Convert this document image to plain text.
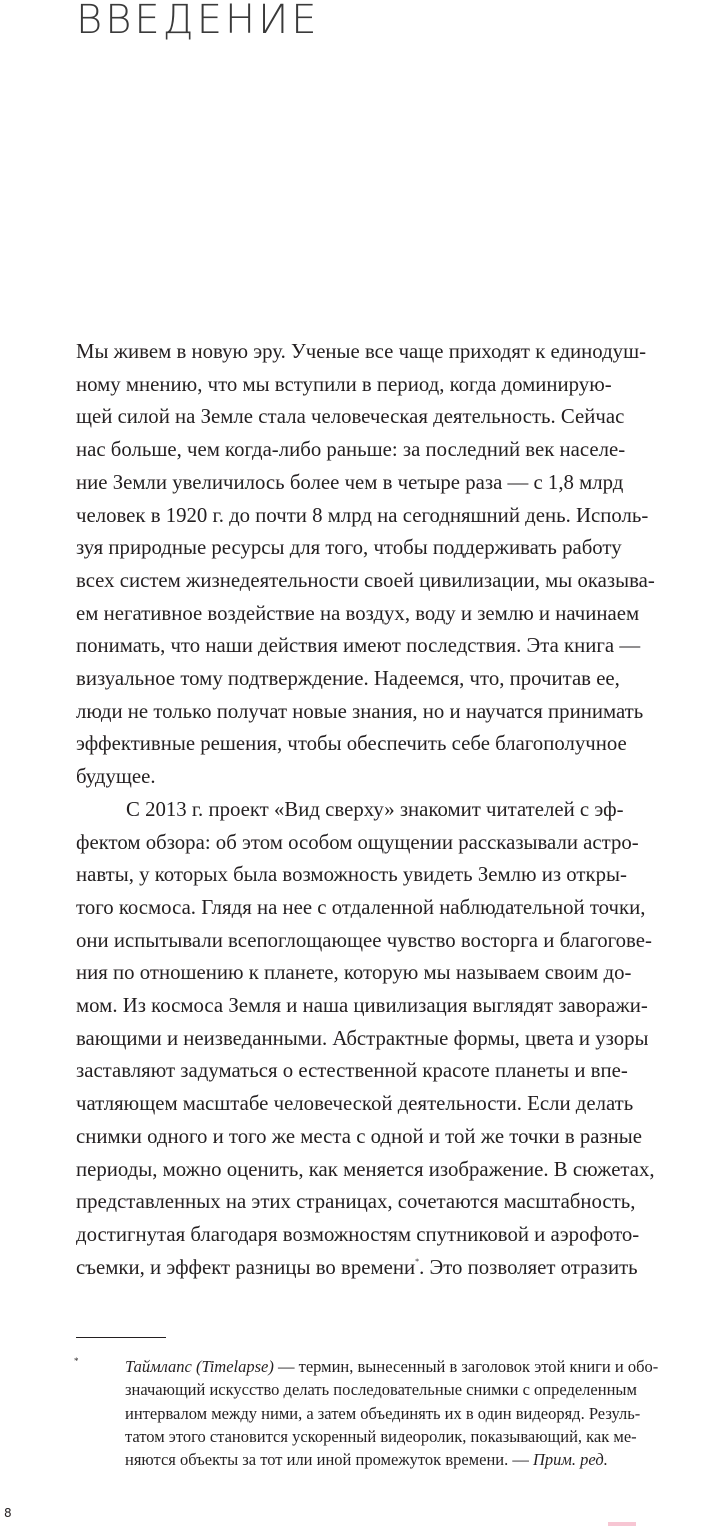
ВВЕДЕНИЕ
Мы живем в новую эру. Ученые все чаще приходят к единодуш-
ному мнению, что мы вступили в период, когда доминирую-
щей силой на Земле стала человеческая деятельность. Сейчас
нас больше, чем когда-либо раньше: за последний век населе-
ние Земли увеличилось более чем в четыре раза — с 1,8 млрд
человек в 1920 г. до почти 8 млрд на сегодняшний день. Исполь-
зуя природные ресурсы для того, чтобы поддерживать работу
всех систем жизнедеятельности своей цивилизации, мы оказыва-
ем негативное воздействие на воздух, воду и землю и начинаем
понимать, что наши действия имеют последствия. Эта книга —
визуальное тому подтверждение. Надеемся, что, прочитав ее,
люди не только получат новые знания, но и научатся принимать
эффективные решения, чтобы обеспечить себе благополучное
будущее.
С 2013 г. проект «Вид сверху» знакомит читателей с эф-
фектом обзора: об этом особом ощущении рассказывали астро-
навты, у которых была возможность увидеть Землю из откры-
того космоса. Глядя на нее с отдаленной наблюдательной точки,
они испытывали всепоглощающее чувство восторга и благогове-
ния по отношению к планете, которую мы называем своим до-
мом. Из космоса Земля и наша цивилизация выглядят заворажи-
вающими и неизведанными. Абстрактные формы, цвета и узоры
заставляют задуматься о естественной красоте планеты и впе-
чатляющем масштабе человеческой деятельности. Если делать
снимки одного и того же места с одной и той же точки в разные
периоды, можно оценить, как меняется изображение. В сюжетах,
представленных на этих страницах, сочетаются масштабность,
достигнутая благодаря возможностям спутниковой и аэрофото-
съемки, и эффект разницы во времени*. Это позволяет отразить
*	Таймлапс (Timelapse) — термин, вынесенный в заголовок этой книги и обо-
значающий искусство делать последовательные снимки с определенным
интервалом между ними, а затем объединять их в один видеоряд. Резуль-
татом этого становится ускоренный видеоролик, показывающий, как ме-
няются объекты за тот или иной промежуток времени. — Прим. ред.
8
